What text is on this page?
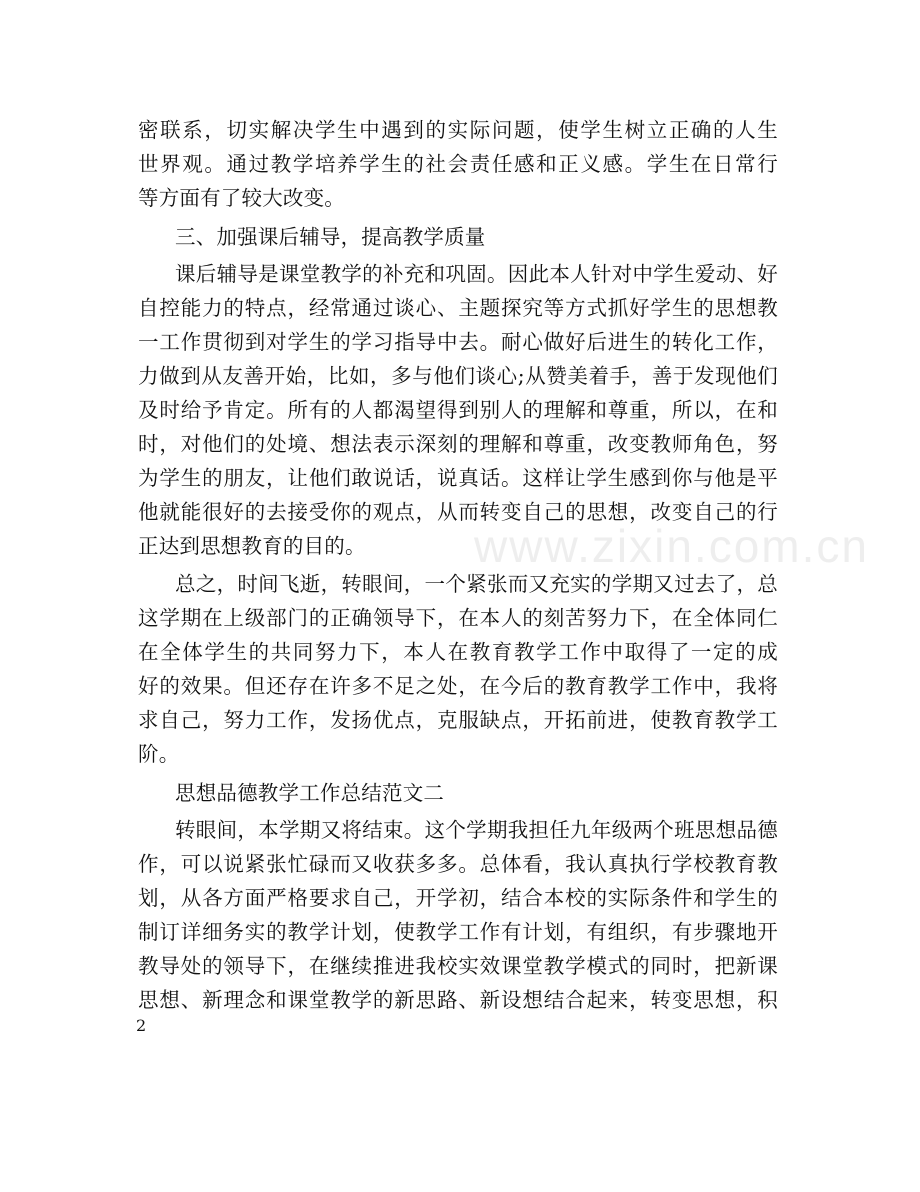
密联系，切实解决学生中遇到的实际问题，使学生树立正确的人生
世界观。通过教学培养学生的社会责任感和正义感。学生在日常行
等方面有了较大改变。
三、加强课后辅导，提高教学质量
课后辅导是课堂教学的补充和巩固。因此本人针对中学生爱动、好
自控能力的特点，经常通过谈心、主题探究等方式抓好学生的思想教
一工作贯彻到对学生的学习指导中去。耐心做好后进生的转化工作，
力做到从友善开始，比如，多与他们谈心;从赞美着手，善于发现他们
及时给予肯定。所有的人都渴望得到别人的理解和尊重，所以，在和
时，对他们的处境、想法表示深刻的理解和尊重，改变教师角色，努
为学生的朋友，让他们敢说话，说真话。这样让学生感到你与他是平
他就能很好的去接受你的观点，从而转变自己的思想，改变自己的行
正达到思想教育的目的。
总之，时间飞逝，转眼间，一个紧张而又充实的学期又过去了，总
这学期在上级部门的正确领导下，在本人的刻苦努力下，在全体同仁
在全体学生的共同努力下，本人在教育教学工作中取得了一定的成
好的效果。但还存在许多不足之处，在今后的教育教学工作中，我将
求自己，努力工作，发扬优点，克服缺点，开拓前进，使教育教学工
阶。
思想品德教学工作总结范文二
转眼间，本学期又将结束。这个学期我担任九年级两个班思想品德
作，可以说紧张忙碌而又收获多多。总体看，我认真执行学校教育教
划，从各方面严格要求自己，开学初，结合本校的实际条件和学生的
制订详细务实的教学计划，使教学工作有计划，有组织，有步骤地开
教导处的领导下，在继续推进我校实效课堂教学模式的同时，把新课
思想、新理念和课堂教学的新思路、新设想结合起来，转变思想，积
www.zixin.com.cn
2
